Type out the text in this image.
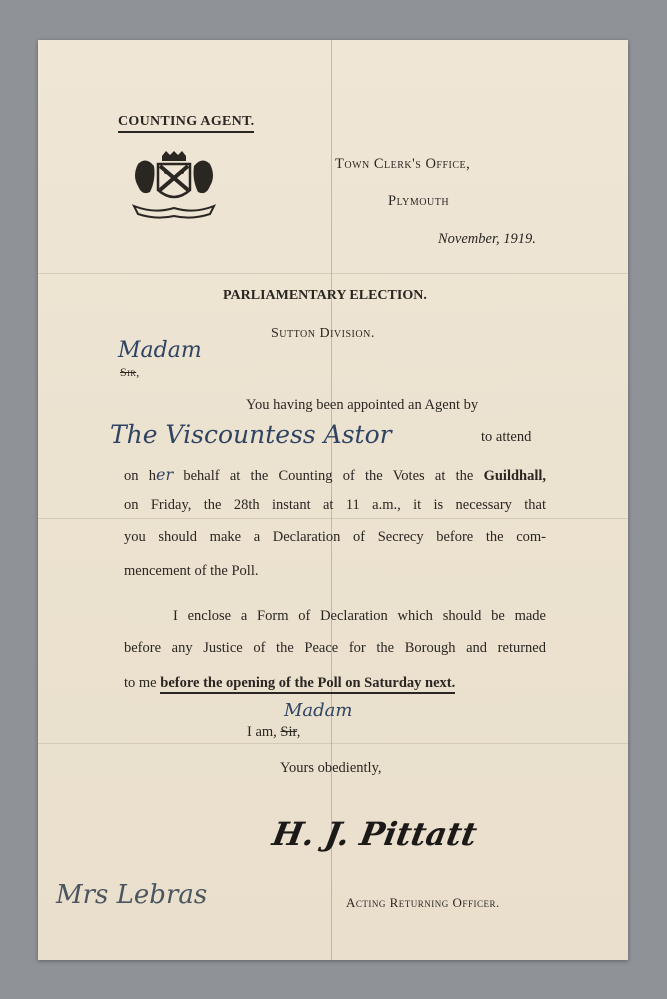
COUNTING AGENT.
Town Clerk's Office,
Plymouth
November, 1919.
PARLIAMENTARY ELECTION.
Sutton Division.
Madam
Sir,
You having been appointed an Agent by
The Viscountess Astor	to attend
on her behalf at the Counting of the Votes at the Guildhall,
on Friday, the 28th instant at 11 a.m., it is necessary that
you should make a Declaration of Secrecy before the com-
mencement of the Poll.
I enclose a Form of Declaration which should be made
before any Justice of the Peace for the Borough and returned
to me before the opening of the Poll on Saturday next.
Madam
I am, Sir,
Yours obediently,
H. J. Pittatt
Mrs Lebras	Acting Returning Officer.
